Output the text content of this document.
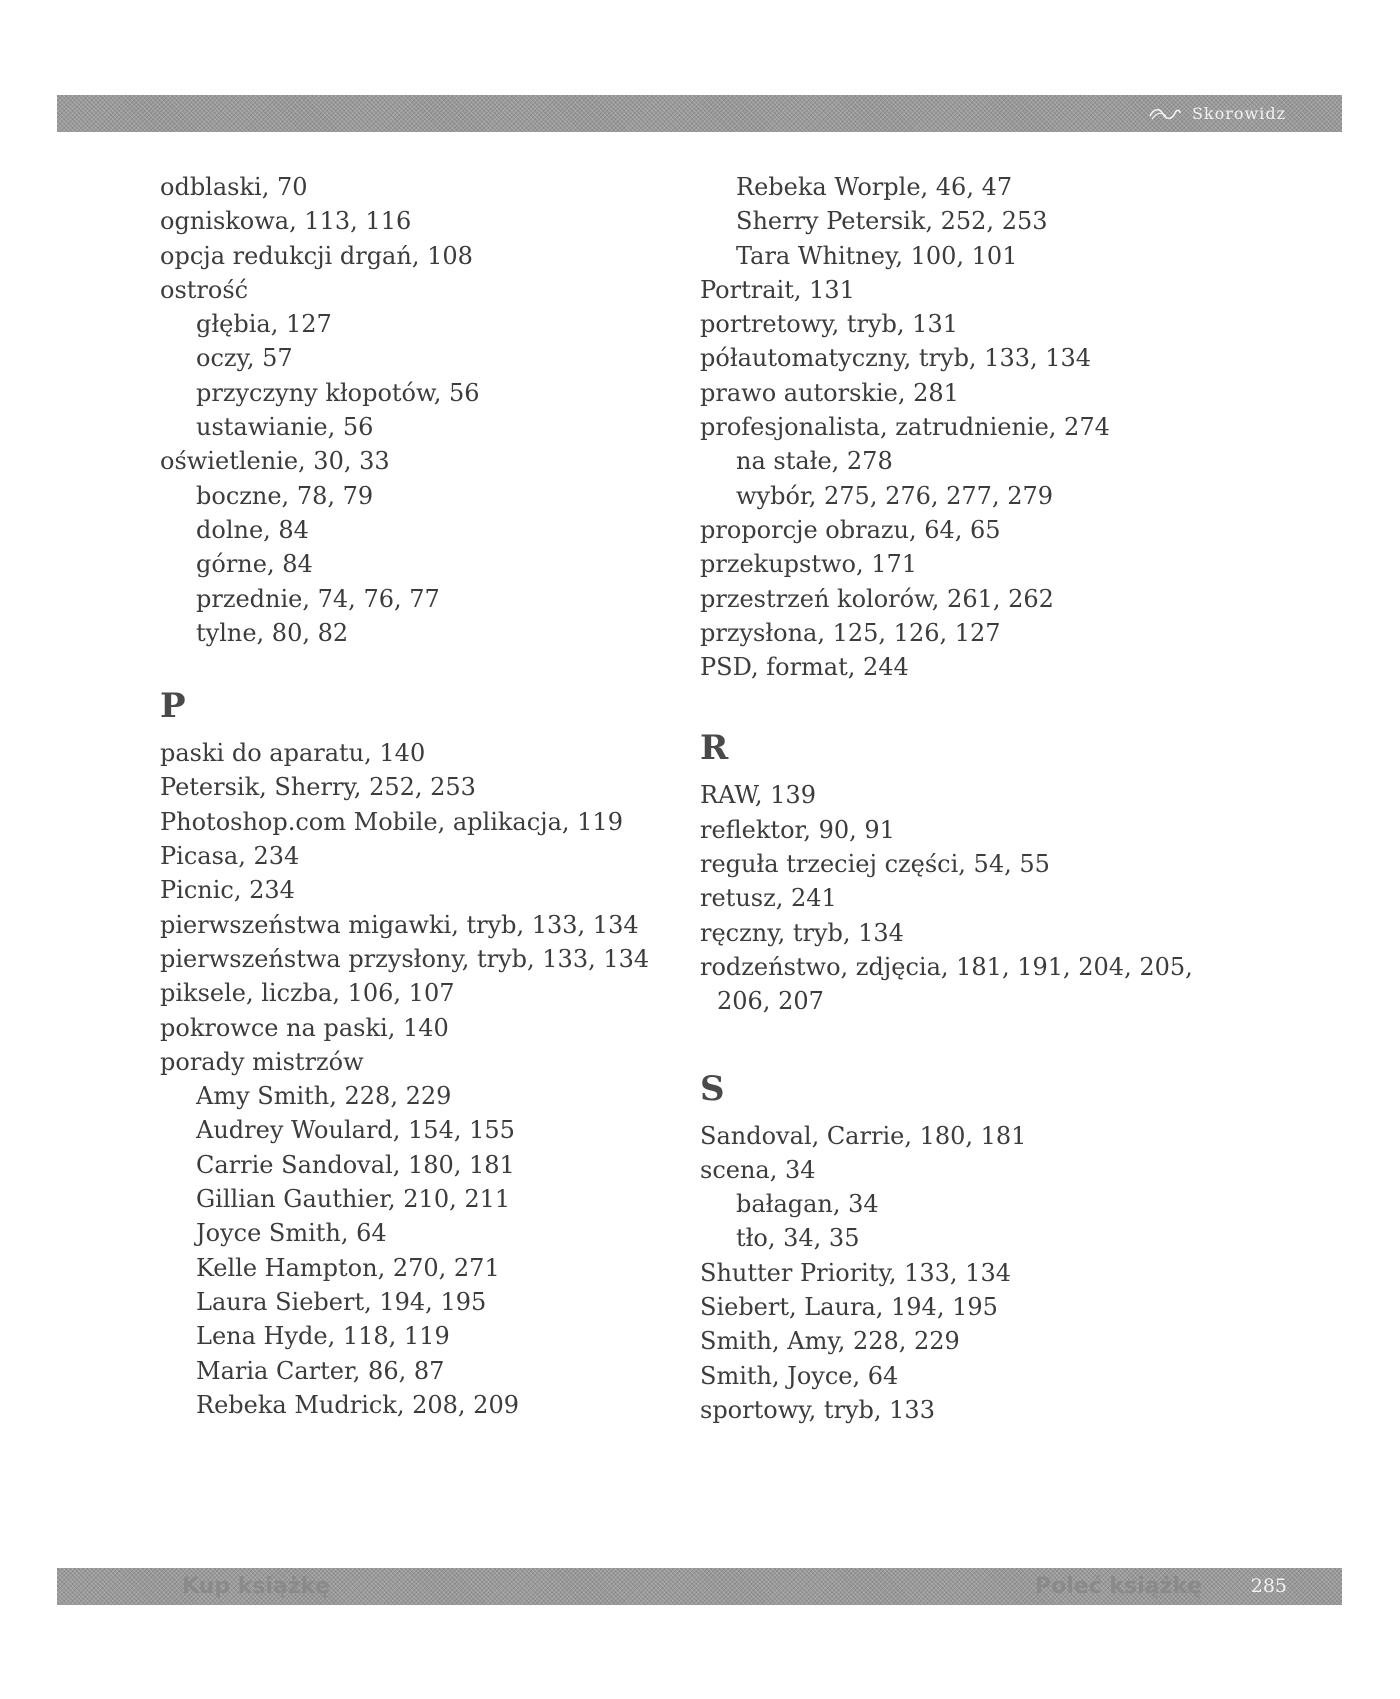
Skorowidz
odblaski, 70
ogniskowa, 113, 116
opcja redukcji drgań, 108
ostrość
głębia, 127
oczy, 57
przyczyny kłopotów, 56
ustawianie, 56
oświetlenie, 30, 33
boczne, 78, 79
dolne, 84
górne, 84
przednie, 74, 76, 77
tylne, 80, 82
P
paski do aparatu, 140
Petersik, Sherry, 252, 253
Photoshop.com Mobile, aplikacja, 119
Picasa, 234
Picnic, 234
pierwszeństwa migawki, tryb, 133, 134
pierwszeństwa przysłony, tryb, 133, 134
piksele, liczba, 106, 107
pokrowce na paski, 140
porady mistrzów
Amy Smith, 228, 229
Audrey Woulard, 154, 155
Carrie Sandoval, 180, 181
Gillian Gauthier, 210, 211
Joyce Smith, 64
Kelle Hampton, 270, 271
Laura Siebert, 194, 195
Lena Hyde, 118, 119
Maria Carter, 86, 87
Rebeka Mudrick, 208, 209
Rebeka Worple, 46, 47
Sherry Petersik, 252, 253
Tara Whitney, 100, 101
Portrait, 131
portretowy, tryb, 131
półautomatyczny, tryb, 133, 134
prawo autorskie, 281
profesjonalista, zatrudnienie, 274
na stałe, 278
wybór, 275, 276, 277, 279
proporcje obrazu, 64, 65
przekupstwo, 171
przestrzeń kolorów, 261, 262
przysłona, 125, 126, 127
PSD, format, 244
R
RAW, 139
reflektor, 90, 91
reguła trzeciej części, 54, 55
retusz, 241
ręczny, tryb, 134
rodzeństwo, zdjęcia, 181, 191, 204, 205, 206, 207
S
Sandoval, Carrie, 180, 181
scena, 34
bałagan, 34
tło, 34, 35
Shutter Priority, 133, 134
Siebert, Laura, 194, 195
Smith, Amy, 228, 229
Smith, Joyce, 64
sportowy, tryb, 133
Kup książkę	Poleć książkę	285
